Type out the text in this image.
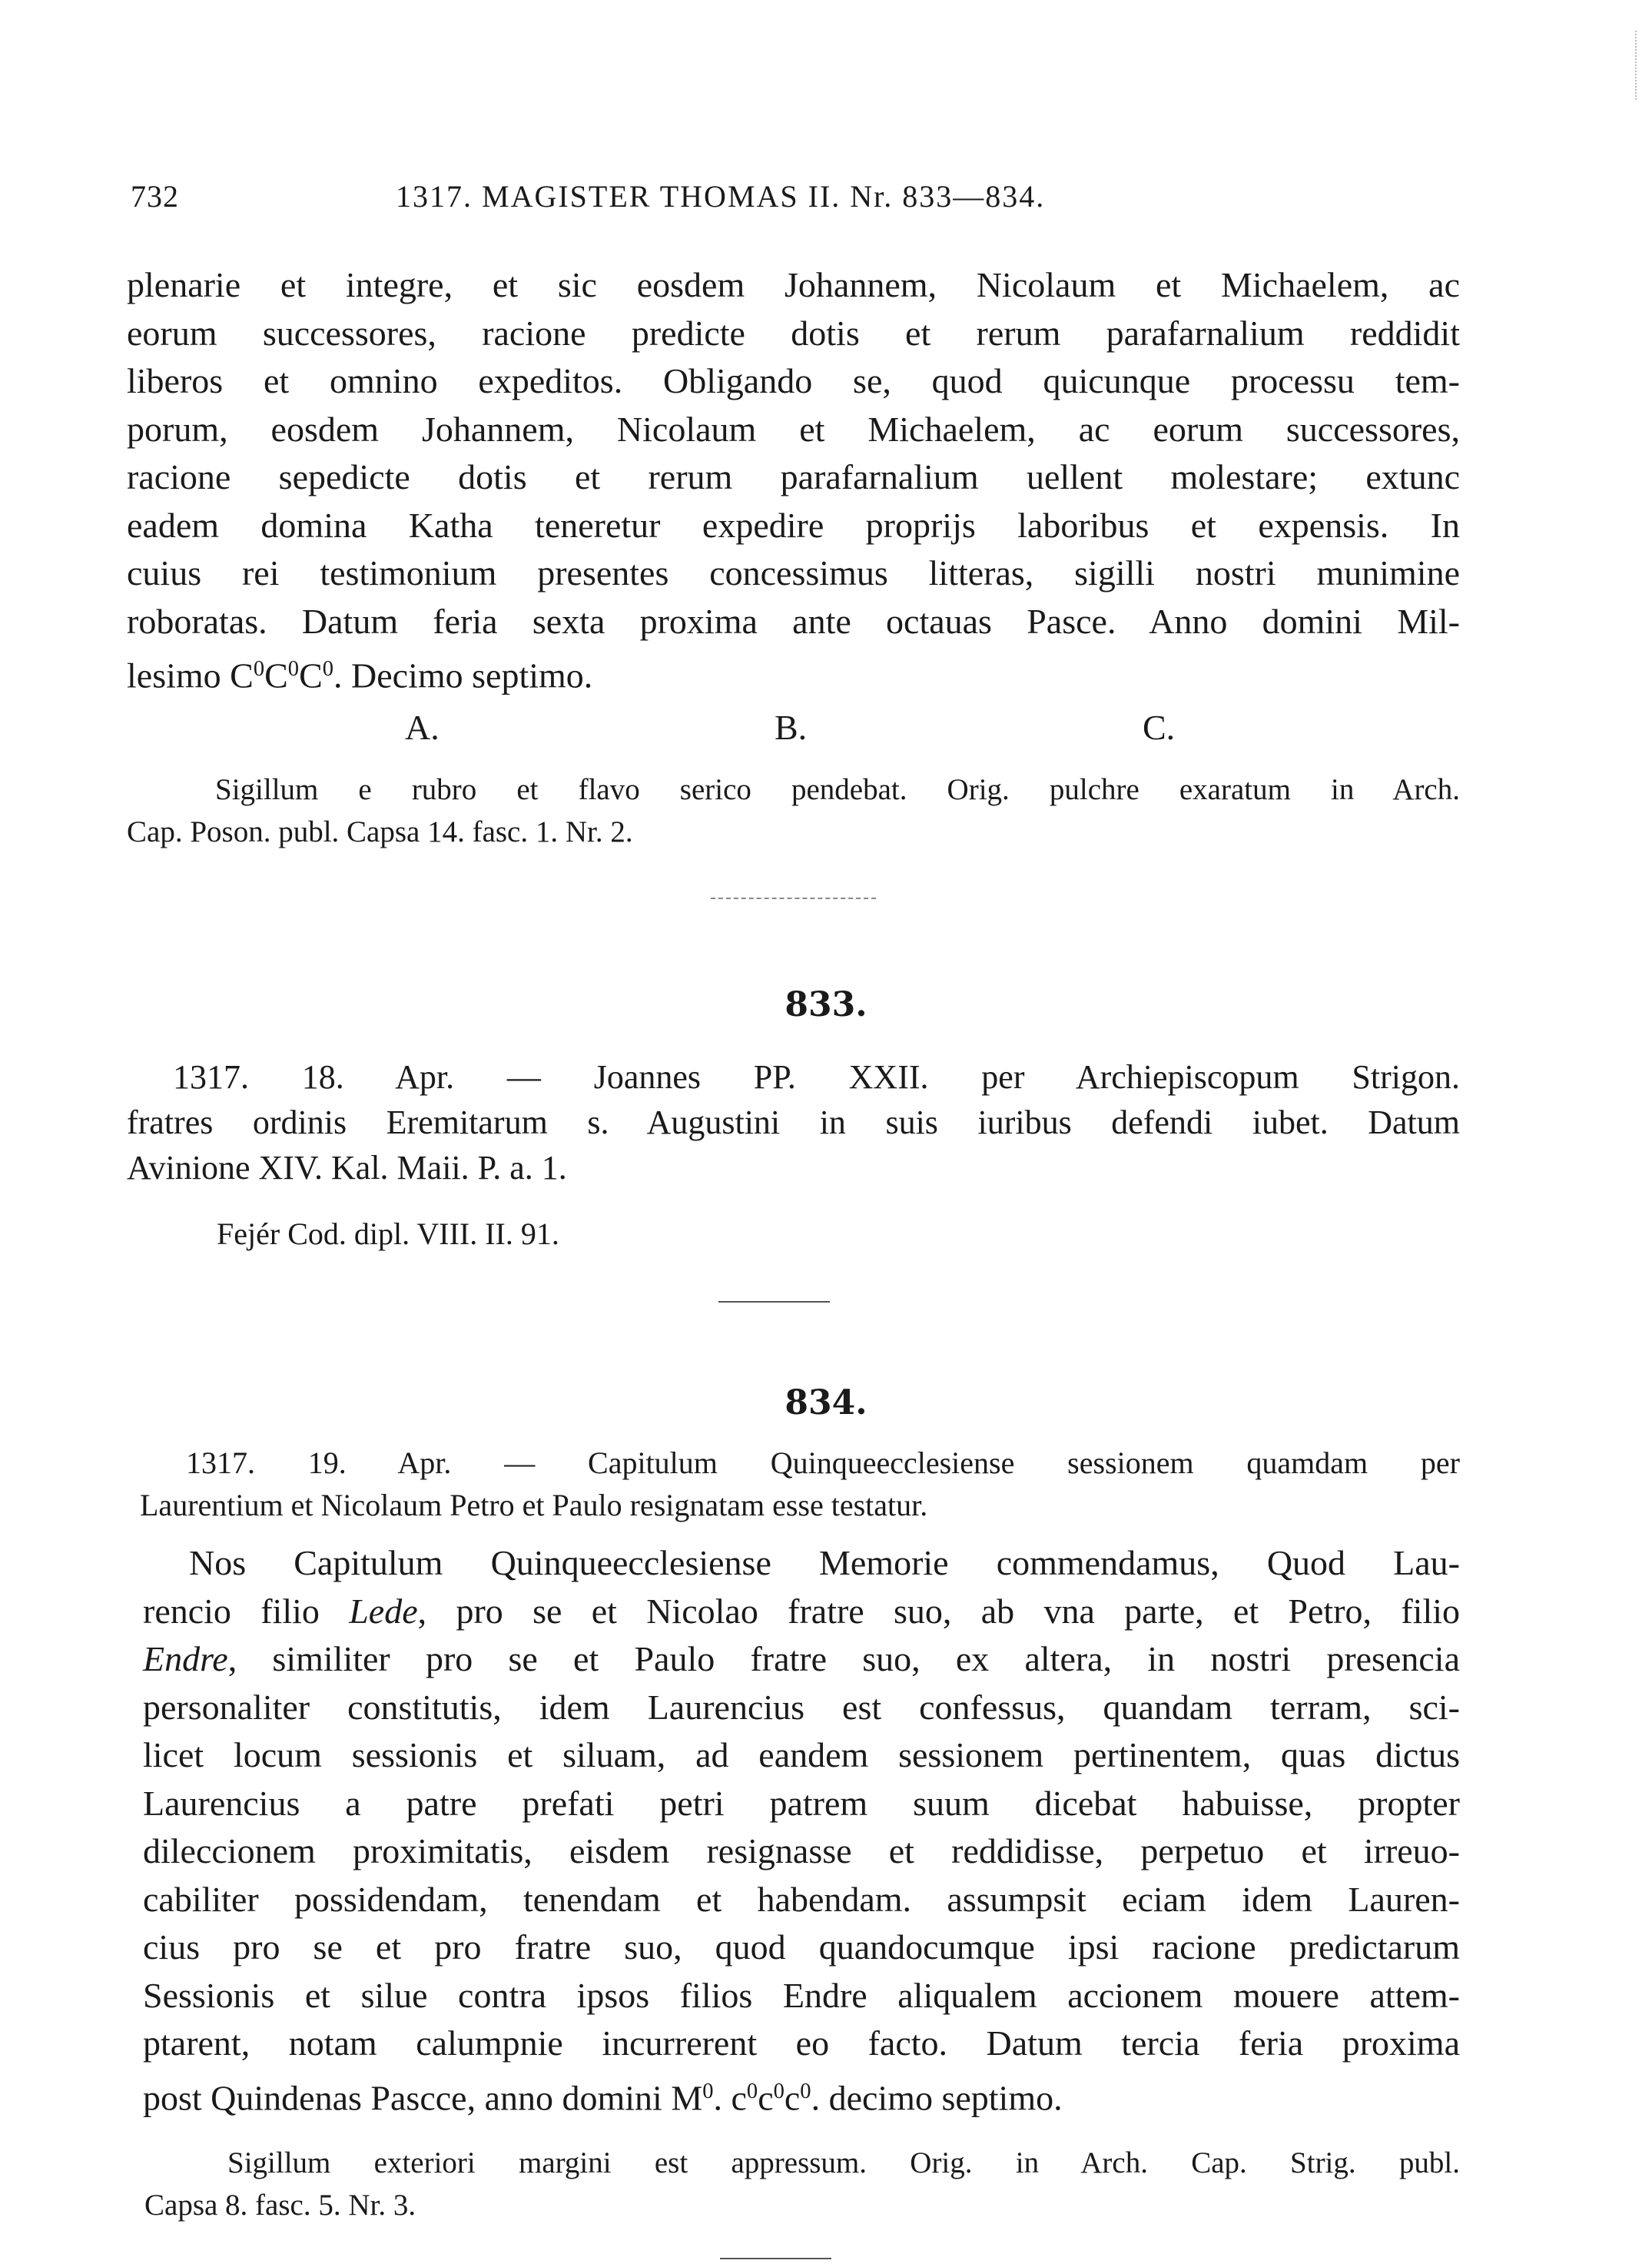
732	1317. MAGISTER THOMAS II. Nr. 833—834.
plenarie et integre, et sic eosdem Johannem, Nicolaum et Michaelem, ac
eorum successores, racione predicte dotis et rerum parafarnalium reddidit
liberos et omnino expeditos. Obligando se, quod quicunque processu tem-
porum, eosdem Johannem, Nicolaum et Michaelem, ac eorum successores,
racione sepedicte dotis et rerum parafarnalium uellent molestare; extunc
eadem domina Katha teneretur expedire proprijs laboribus et expensis. In
cuius rei testimonium presentes concessimus litteras, sigilli nostri munimine
roboratas. Datum feria sexta proxima ante octauas Pasce. Anno domini Mil-
lesimo $C^0C^0C^0$. Decimo septimo.
A.	B.	C.
Sigillum e rubro et flavo serico pendebat. Orig. pulchre exaratum in Arch.
Cap. Poson. publ. Capsa 14. fasc. 1. Nr. 2.
833.
1317. 18. Apr. — Joannes PP. XXII. per Archiepiscopum Strigon.
fratres ordinis Eremitarum s. Augustini in suis iuribus defendi iubet. Datum
Avinione XIV. Kal. Maii. P. a. 1.
Fejér Cod. dipl. VIII. II. 91.
834.
1317. 19. Apr. — Capitulum Quinqueecclesiense sessionem quamdam per
Laurentium et Nicolaum Petro et Paulo resignatam esse testatur.
Nos Capitulum Quinqueecclesiense Memorie commendamus, Quod Lau-
rencio filio Lede, pro se et Nicolao fratre suo, ab vna parte, et Petro, filio
Endre, similiter pro se et Paulo fratre suo, ex altera, in nostri presencia
personaliter constitutis, idem Laurencius est confessus, quandam terram, sci-
licet locum sessionis et siluam, ad eandem sessionem pertinentem, quas dictus
Laurencius a patre prefati petri patrem suum dicebat habuisse, propter
dileccionem proximitatis, eisdem resignasse et reddidisse, perpetuo et irreuo-
cabiliter possidendam, tenendam et habendam. assumpsit eciam idem Lauren-
cius pro se et pro fratre suo, quod quandocumque ipsi racione predictarum
Sessionis et silue contra ipsos filios Endre aliqualem accionem mouere attem-
ptarent, notam calumpnie incurrerent eo facto. Datum tercia feria proxima
post Quindenas Pascce, anno domini $M^0$. $c^0c^0c^0$. decimo septimo.
Sigillum exteriori margini est appressum. Orig. in Arch. Cap. Strig. publ.
Capsa 8. fasc. 5. Nr. 3.
